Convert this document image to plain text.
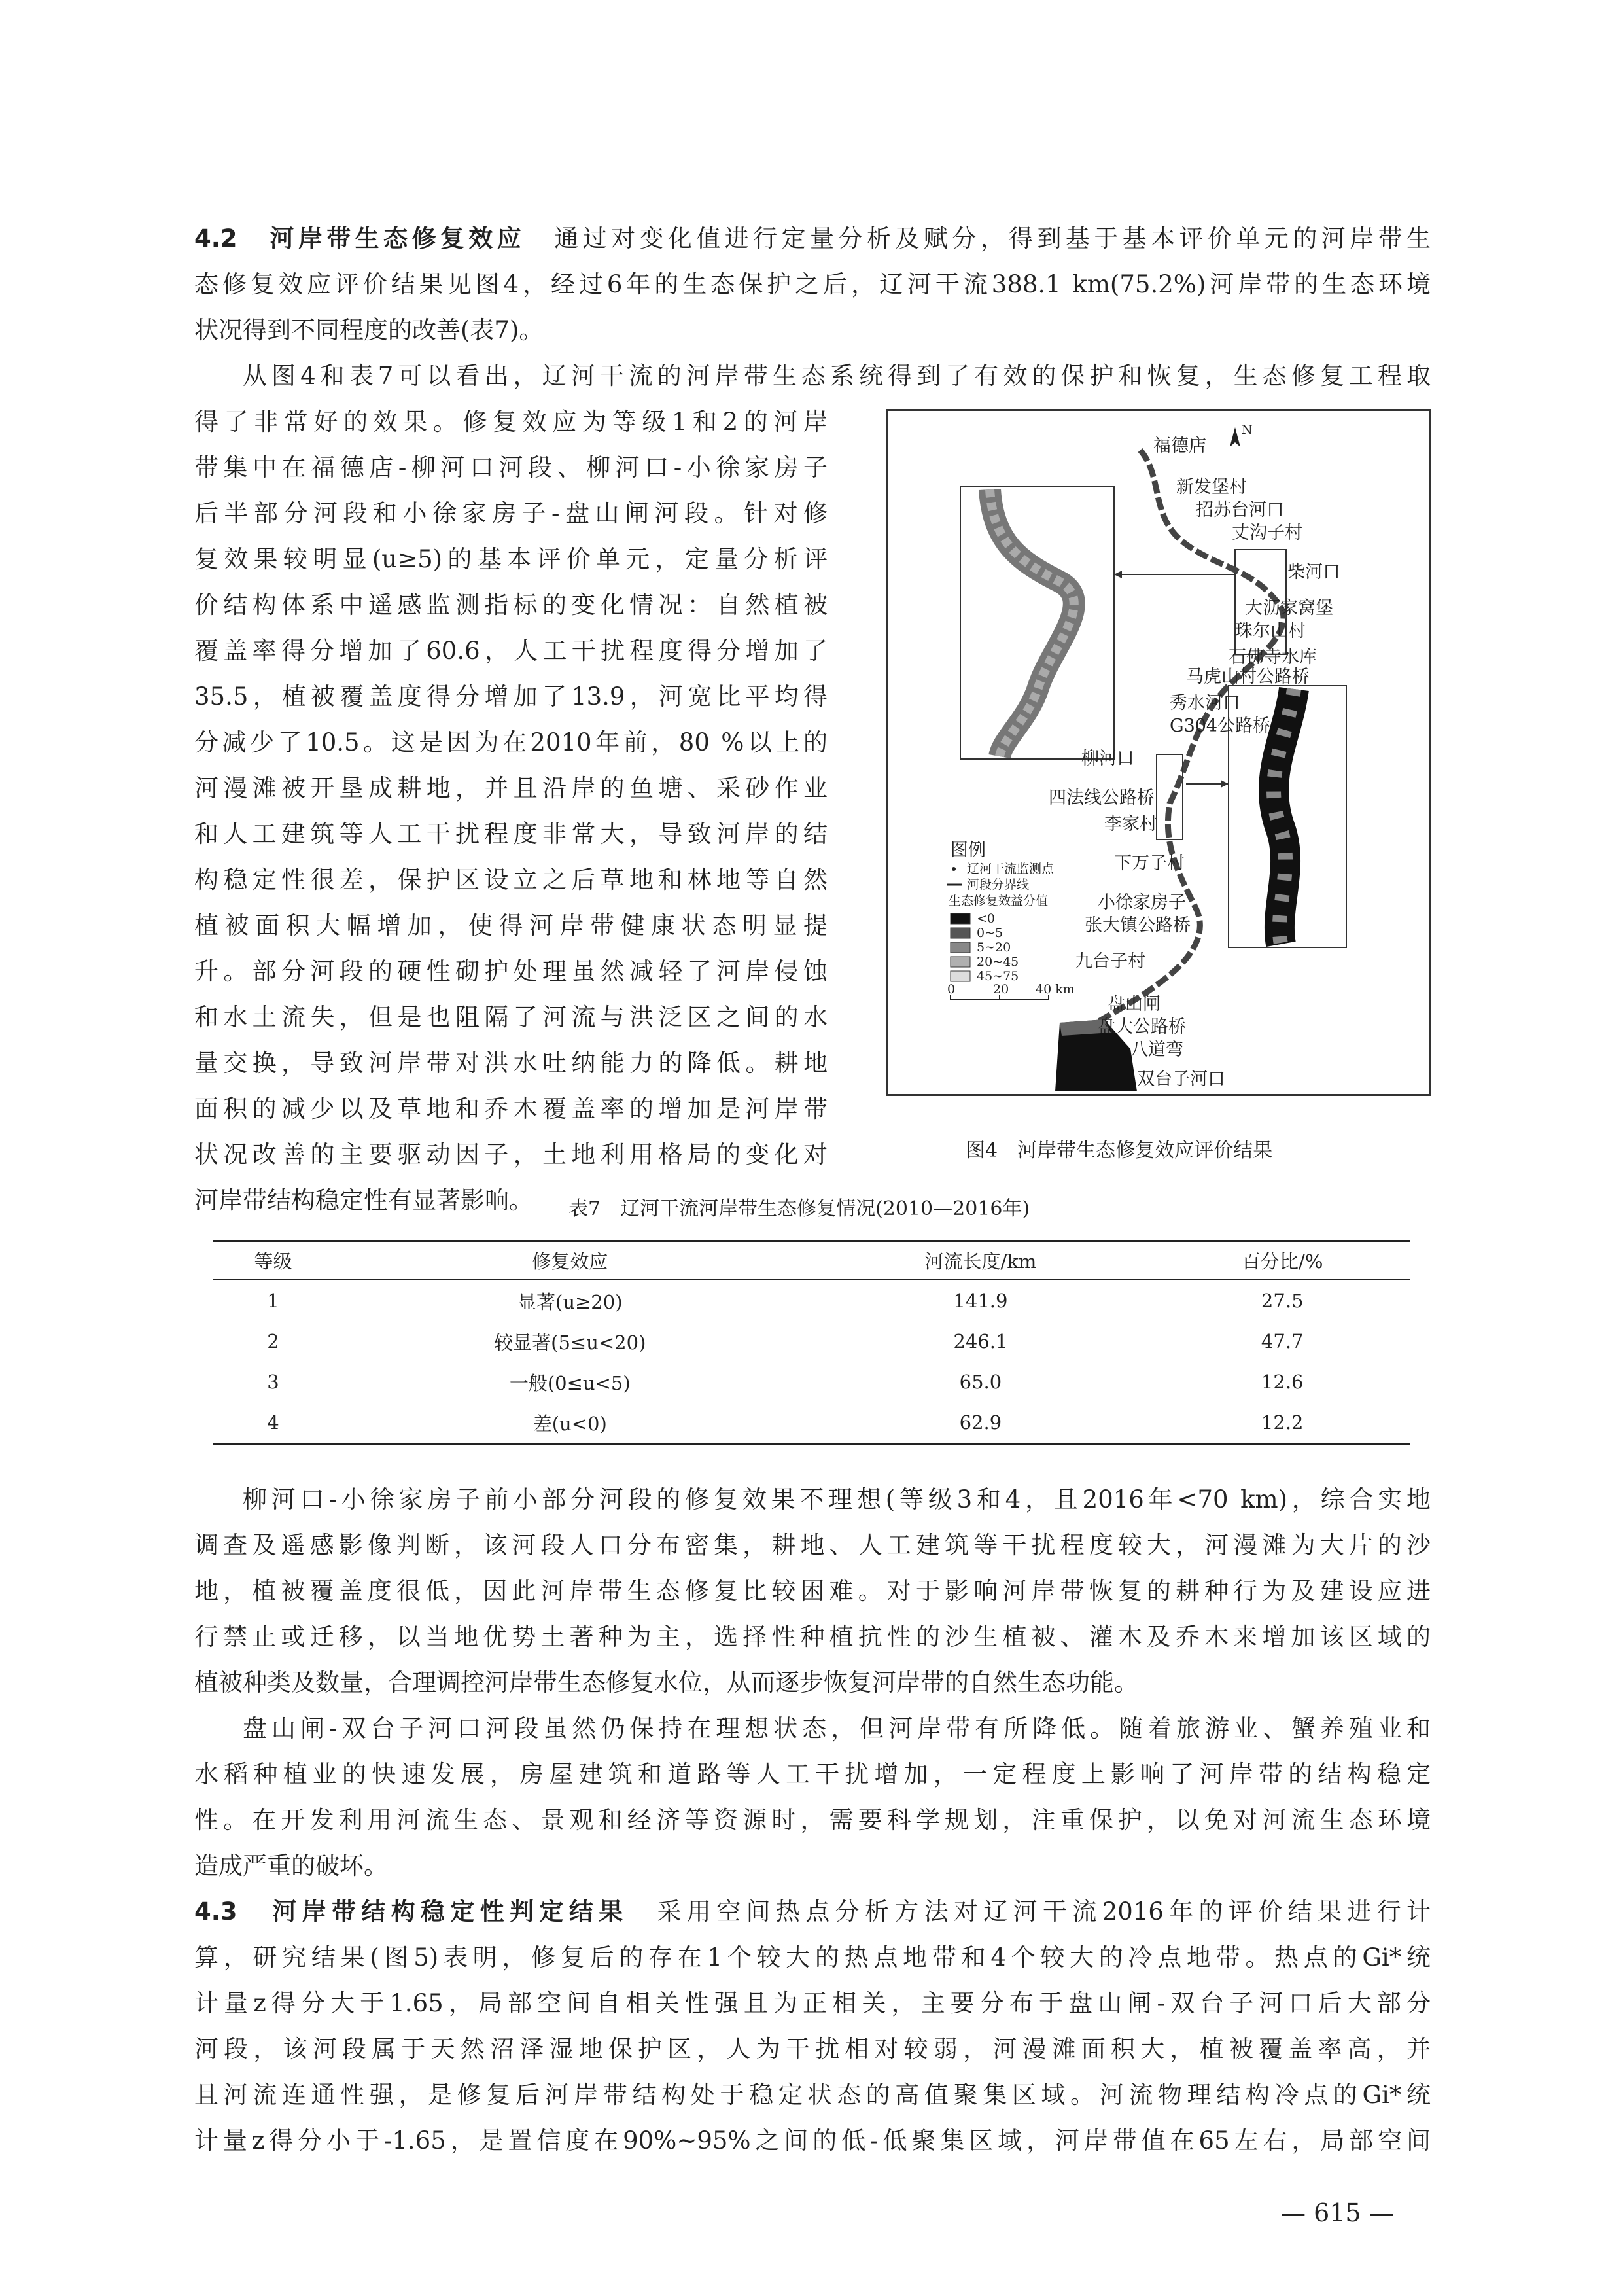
4.2　 河岸带生态修复效应 通过对变化值进行定量分析及赋分，得到基于基本评价单元的河岸带生
态修复效应评价结果见图4，经过6年的生态保护之后，辽河干流388.1 km(75.2%)河岸带的生态环境
状况得到不同程度的改善(表7)。
从图4和表7可以看出，辽河干流的河岸带生态系统得到了有效的保护和恢复，生态修复工程取
得了非常好的效果。修复效应为等级1和2的河岸
带集中在福德店-柳河口河段、柳河口-小徐家房子
后半部分河段和小徐家房子-盘山闸河段。针对修
复效果较明显(u≥5)的基本评价单元，定量分析评
价结构体系中遥感监测指标的变化情况：自然植被
覆盖率得分增加了60.6，人工干扰程度得分增加了
35.5，植被覆盖度得分增加了13.9，河宽比平均得
分减少了10.5。这是因为在2010年前，80 %以上的
河漫滩被开垦成耕地，并且沿岸的鱼塘、采砂作业
和人工建筑等人工干扰程度非常大，导致河岸的结
构稳定性很差，保护区设立之后草地和林地等自然
植被面积大幅增加，使得河岸带健康状态明显提
升。部分河段的硬性砌护处理虽然减轻了河岸侵蚀
和水土流失，但是也阻隔了河流与洪泛区之间的水
量交换，导致河岸带对洪水吐纳能力的降低。耕地
面积的减少以及草地和乔木覆盖率的增加是河岸带
状况改善的主要驱动因子，土地利用格局的变化对
河岸带结构稳定性有显著影响。
N
福德店
新发堡村
招苏台河口
丈沟子村
柴河口
大沥家窝堡
珠尔山村
石佛寺水库
马虎山村公路桥
秀水河口
G304公路桥
柳河口
四法线公路桥
李家村
下万子村
小徐家房子
张大镇公路桥
九台子村
盘山闸
盘大公路桥
八道弯
双台子河口
图例
辽河干流监测点
河段分界线
生态修复效益分值
<0
0~5
5~20
20~45
45~75
0	20 40 km
图4　河岸带生态修复效应评价结果
表7　辽河干流河岸带生态修复情况(2010—2016年)
等级	修复效应	河流长度/km	百分比/%
1	显著(u≥20)	141.9	27.5
2	较显著(5≤u<20)	246.1	47.7
3	一般(0≤u<5)	65.0	12.6
4	差(u<0)	62.9	12.2
柳河口-小徐家房子前小部分河段的修复效果不理想(等级3和4，且2016年<70 km)，综合实地
调查及遥感影像判断，该河段人口分布密集，耕地、人工建筑等干扰程度较大，河漫滩为大片的沙
地，植被覆盖度很低，因此河岸带生态修复比较困难。对于影响河岸带恢复的耕种行为及建设应进
行禁止或迁移，以当地优势土著种为主，选择性种植抗性的沙生植被、灌木及乔木来增加该区域的
植被种类及数量，合理调控河岸带生态修复水位，从而逐步恢复河岸带的自然生态功能。
盘山闸-双台子河口河段虽然仍保持在理想状态，但河岸带有所降低。随着旅游业、蟹养殖业和
水稻种植业的快速发展，房屋建筑和道路等人工干扰增加，一定程度上影响了河岸带的结构稳定
性。在开发利用河流生态、景观和经济等资源时，需要科学规划，注重保护，以免对河流生态环境
造成严重的破坏。
4.3　 河岸带结构稳定性判定结果 采用空间热点分析方法对辽河干流2016年的评价结果进行计
算，研究结果(图5)表明，修复后的存在1个较大的热点地带和4个较大的冷点地带。热点的Gi*统
计量z得分大于1.65，局部空间自相关性强且为正相关，主要分布于盘山闸-双台子河口后大部分
河段，该河段属于天然沼泽湿地保护区，人为干扰相对较弱，河漫滩面积大，植被覆盖率高，并
且河流连通性强，是修复后河岸带结构处于稳定状态的高值聚集区域。河流物理结构冷点的Gi*统
计量z得分小于-1.65，是置信度在90%~95%之间的低-低聚集区域，河岸带值在65左右，局部空间
— 615 —
